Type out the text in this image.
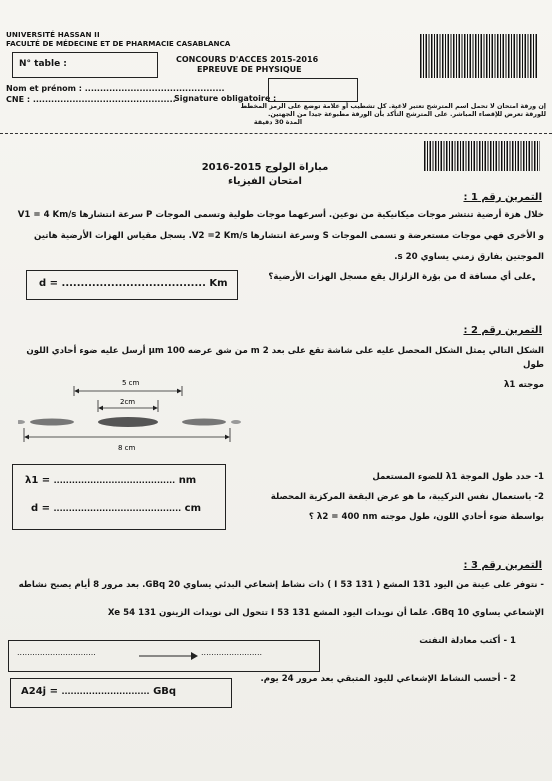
UNIVERSITÉ HASSAN II
FACULTÉ DE MÉDECINE ET DE PHARMACIE CASABLANCA
N° table :
Nom et prénom : ..............................................
CNE : ...............................................
CONCOURS D'ACCES 2015-2016
EPREUVE DE PHYSIQUE
Signature obligatoire :
إن ورقة امتحان لا تحمل اسم المترشح تعتبر لاغية. كل تشطيب أو علامة توضع على الرمز المخطط
للورقة تعرض للإقصاء المباشر. على المترشح التأكد بأن الورقة مطبوعة جيدا من الجهتين.
المدة 30 دقيقة
مباراة الولوج 2015-2016
امتحان الفيزياء
التمرين رقم 1 :
خلال هزة أرضية تنتشر موجات ميكانيكية من نوعين. أسرعهما موجات طولية وتسمى الموجات P سرعة انتشارها V1 = 4 Km/s
و الأخرى فهي موجات مستعرضة و تسمى الموجات S وسرعة انتشارها V2 =2 Km/s. يسجل مقياس الهزات الأرضية هاتين
الموجتين بفارق زمني يساوي 20 s.
على أي مسافة d من بؤرة الزلزال يقع مسجل الهزات الأرضية؟ •
d = ...................................... Km
التمرين رقم 2 :
الشكل التالي يمثل الشكل المحصل عليه على شاشة تقع على بعد 2 m من شق عرضه 100 µm أرسل عليه ضوء أحادي اللون طول
موجته λ1
5 cm
2cm
8 cm
λ1 = ........................................ nm
d = .......................................... cm
1- حدد طول الموجة λ1 للضوء المستعمل
2- باستعمال نفس التركيبة، ما هو عرض البقعة المركزية المحصلة
بواسطة ضوء أحادي اللون، طول موجته λ2 = 400 nm ؟
التمرين رقم 3 :
- نتوفر على عينة من اليود 131 المشع ( 131 53 I ) ذات نشاط إشعاعي البدئي يساوي 20 GBq. بعد مرور 8 أيام يصبح نشاطه
الإشعاعي يساوي 10 GBq. علما أن نويدات اليود المشع 131 53 I تتحول الى نويدات الزينون 131 54 Xe
1 - أكتب معادلة التفتت
...............................	........................
2 - أحسب النشاط الإشعاعي لليود المتبقي بعد مرور 24 يوم.
A24j = ............................. GBq
